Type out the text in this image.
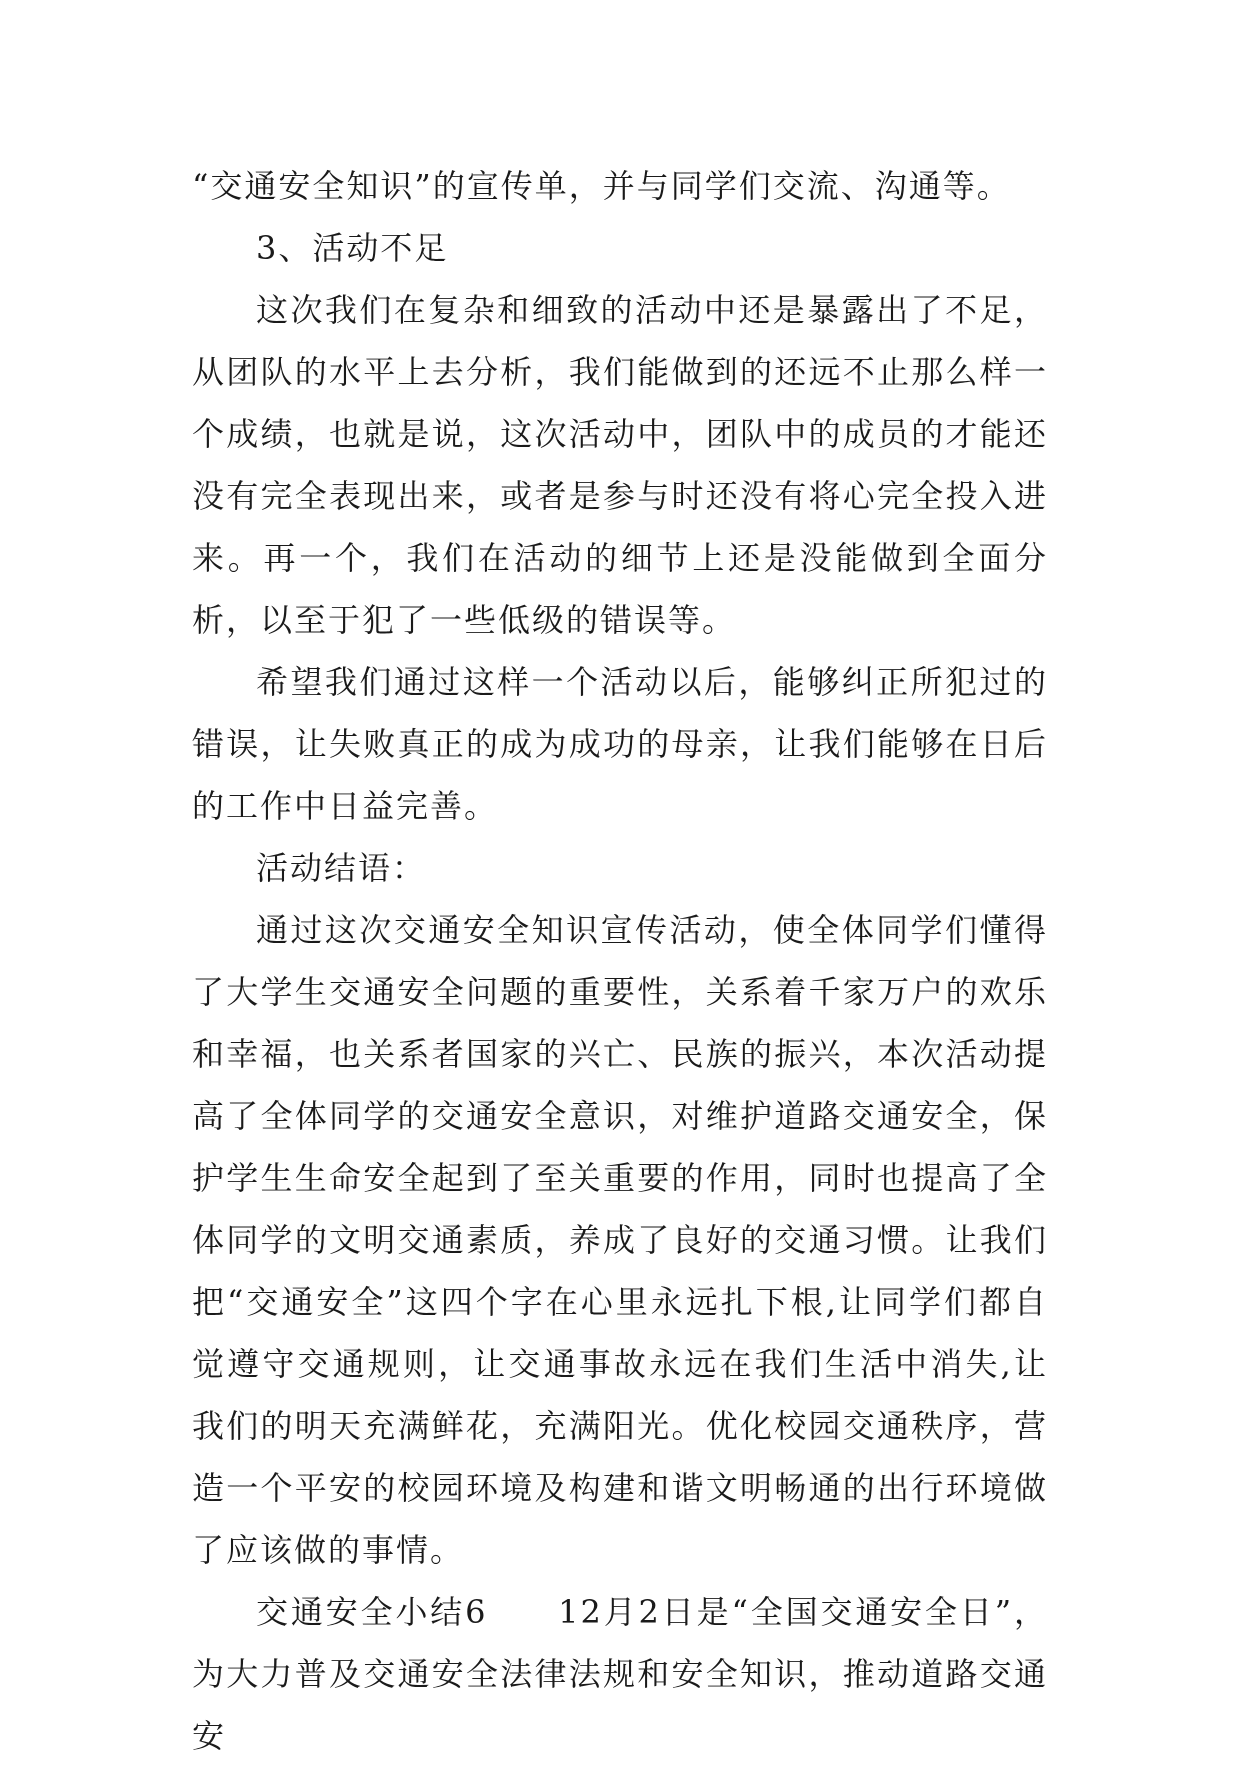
“交通安全知识”的宣传单，并与同学们交流、沟通等。

3、活动不足

这次我们在复杂和细致的活动中还是暴露出了不足，从团队的水平上去分析，我们能做到的还远不止那么样一个成绩，也就是说，这次活动中，团队中的成员的才能还没有完全表现出来，或者是参与时还没有将心完全投入进来。再一个，我们在活动的细节上还是没能做到全面分析，以至于犯了一些低级的错误等。

希望我们通过这样一个活动以后，能够纠正所犯过的错误，让失败真正的成为成功的母亲，让我们能够在日后的工作中日益完善。

活动结语：

通过这次交通安全知识宣传活动，使全体同学们懂得了大学生交通安全问题的重要性，关系着千家万户的欢乐和幸福，也关系者国家的兴亡、民族的振兴，本次活动提高了全体同学的交通安全意识，对维护道路交通安全，保护学生生命安全起到了至关重要的作用，同时也提高了全体同学的文明交通素质，养成了良好的交通习惯。让我们把“交通安全”这四个字在心里永远扎下根,让同学们都自觉遵守交通规则，让交通事故永远在我们生活中消失,让我们的明天充满鲜花，充满阳光。优化校园交通秩序，营造一个平安的校园环境及构建和谐文明畅通的出行环境做了应该做的事情。

交通安全小结6　　12月2日是“全国交通安全日”，为大力普及交通安全法律法规和安全知识，推动道路交通安
